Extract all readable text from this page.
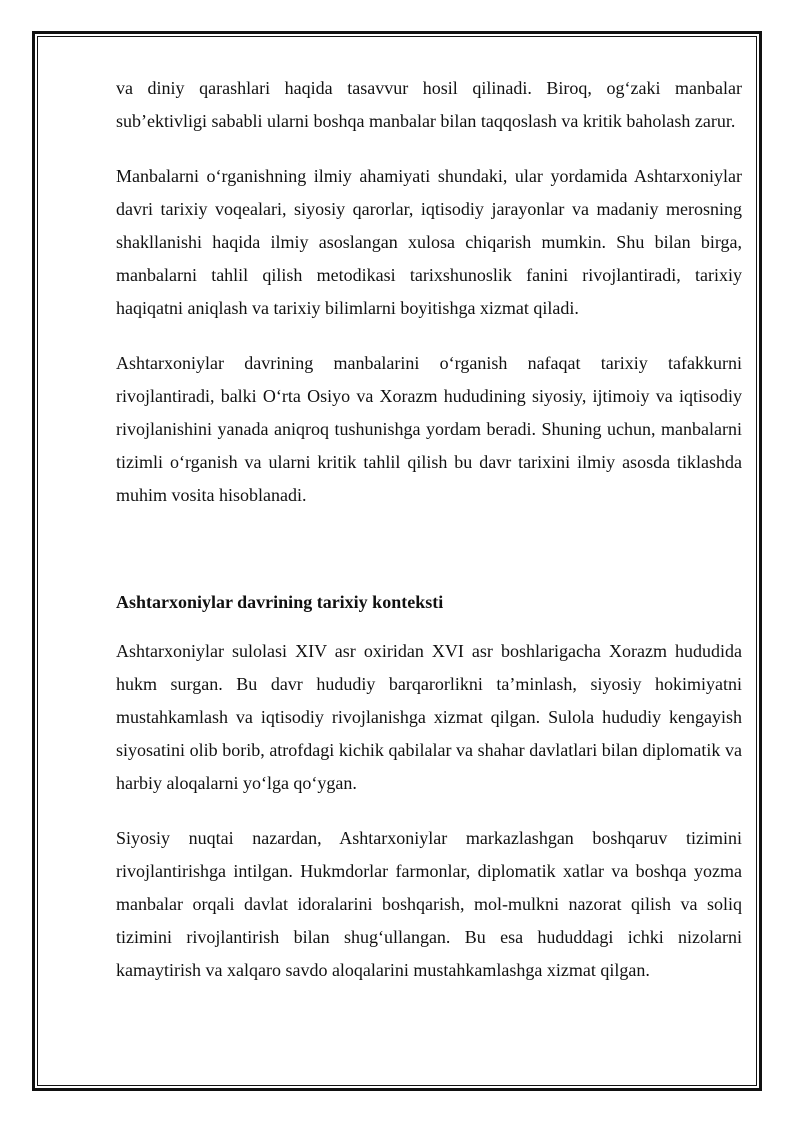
va diniy qarashlari haqida tasavvur hosil qilinadi. Biroq, og‘zaki manbalar sub’ektivligi sababli ularni boshqa manbalar bilan taqqoslash va kritik baholash zarur.

Manbalarni o‘rganishning ilmiy ahamiyati shundaki, ular yordamida Ashtarxoniylar davri tarixiy voqealari, siyosiy qarorlar, iqtisodiy jarayonlar va madaniy merosning shakllanishi haqida ilmiy asoslangan xulosa chiqarish mumkin. Shu bilan birga, manbalarni tahlil qilish metodikasi tarixshunoslik fanini rivojlantiradi, tarixiy haqiqatni aniqlash va tarixiy bilimlarni boyitishga xizmat qiladi.

Ashtarxoniylar davrining manbalarini o‘rganish nafaqat tarixiy tafakkurni rivojlantiradi, balki O‘rta Osiyo va Xorazm hududining siyosiy, ijtimoiy va iqtisodiy rivojlanishini yanada aniqroq tushunishga yordam beradi. Shuning uchun, manbalarni tizimli o‘rganish va ularni kritik tahlil qilish bu davr tarixini ilmiy asosda tiklashda muhim vosita hisoblanadi.

Ashtarxoniylar davrining tarixiy konteksti

Ashtarxoniylar sulolasi XIV asr oxiridan XVI asr boshlarigacha Xorazm hududida hukm surgan. Bu davr hududiy barqarorlikni ta’minlash, siyosiy hokimiyatni mustahkamlash va iqtisodiy rivojlanishga xizmat qilgan. Sulola hududiy kengayish siyosatini olib borib, atrofdagi kichik qabilalar va shahar davlatlari bilan diplomatik va harbiy aloqalarni yo‘lga qo‘ygan.

Siyosiy nuqtai nazardan, Ashtarxoniylar markazlashgan boshqaruv tizimini rivojlantirishga intilgan. Hukmdorlar farmonlar, diplomatik xatlar va boshqa yozma manbalar orqali davlat idoralarini boshqarish, mol-mulkni nazorat qilish va soliq tizimini rivojlantirish bilan shug‘ullangan. Bu esa hududdagi ichki nizolarni kamaytirish va xalqaro savdo aloqalarini mustahkamlashga xizmat qilgan.
